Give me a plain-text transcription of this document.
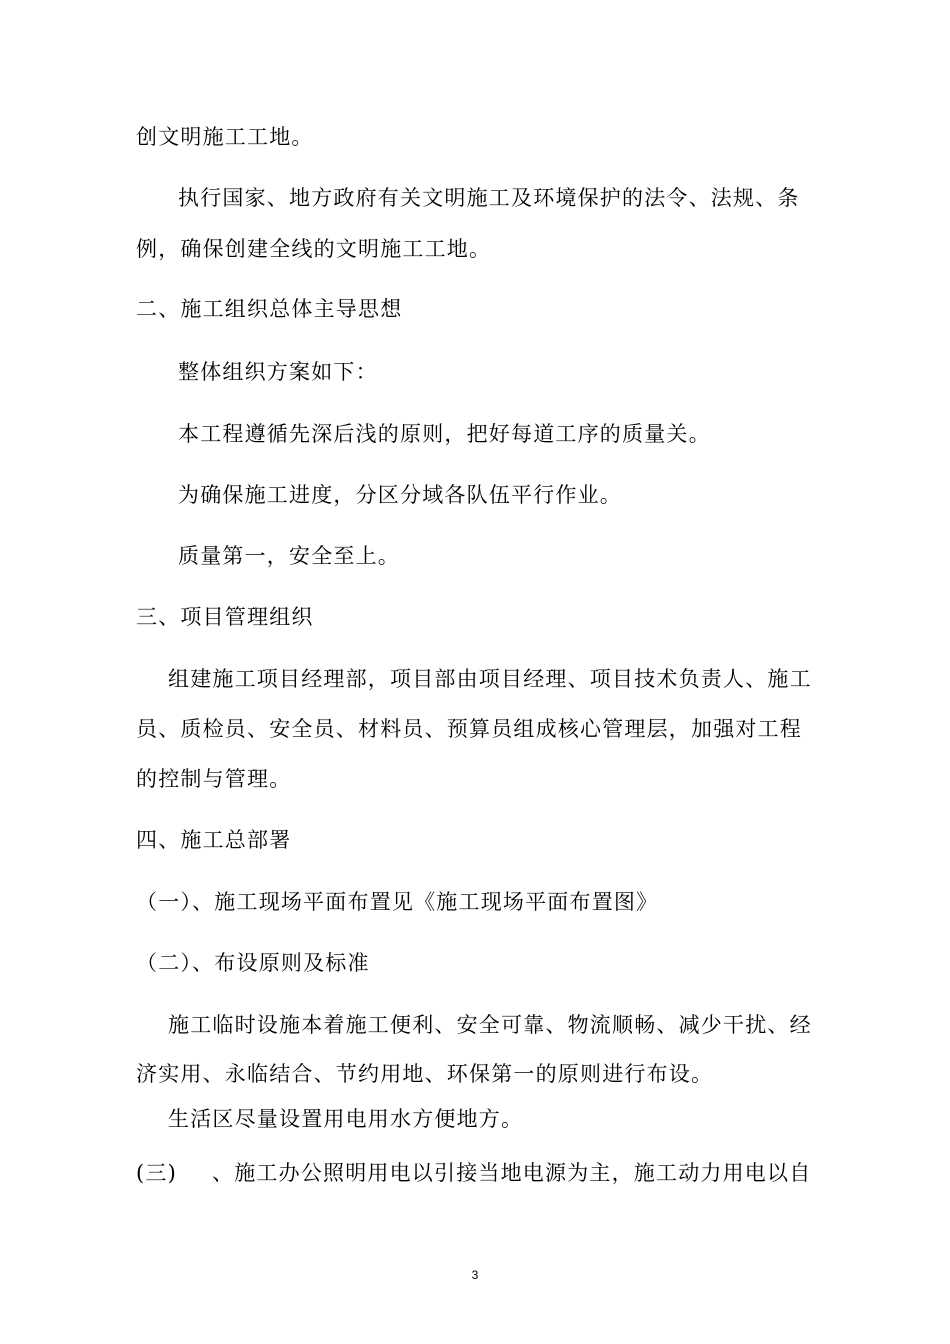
创文明施工工地。
执行国家、地方政府有关文明施工及环境保护的法令、法规、条
例，确保创建全线的文明施工工地。
二、施工组织总体主导思想
整体组织方案如下：
本工程遵循先深后浅的原则，把好每道工序的质量关。
为确保施工进度，分区分域各队伍平行作业。
质量第一，安全至上。
三、项目管理组织
组建施工项目经理部，项目部由项目经理、项目技术负责人、施工
员、质检员、安全员、材料员、预算员组成核心管理层，加强对工程
的控制与管理。
四、施工总部署
（一）、施工现场平面布置见《施工现场平面布置图》
（二）、布设原则及标准
施工临时设施本着施工便利、安全可靠、物流顺畅、减少干扰、经
济实用、永临结合、节约用地、环保第一的原则进行布设。
生活区尽量设置用电用水方便地方。
(三) 、施工办公照明用电以引接当地电源为主，施工动力用电以自
3
